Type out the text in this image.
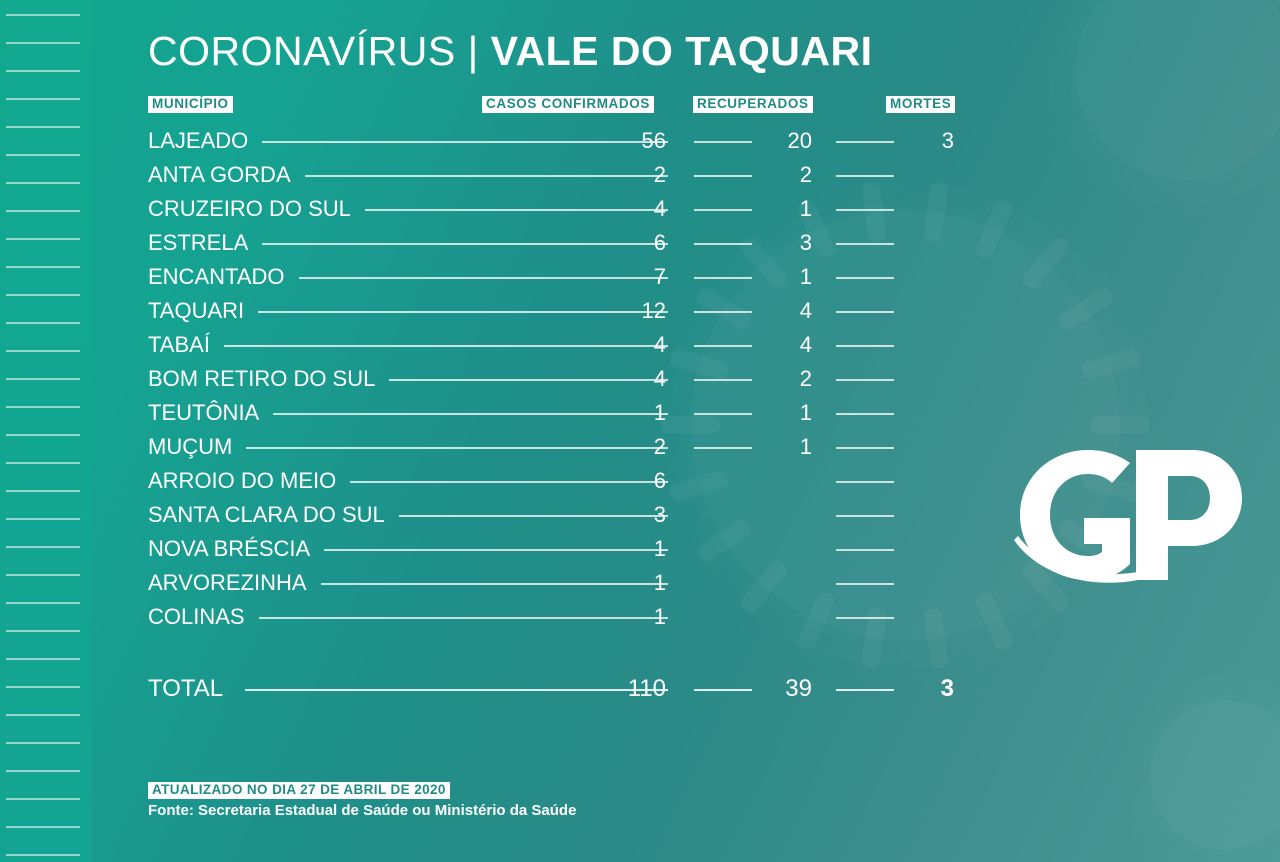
CORONAVÍRUS | VALE DO TAQUARI
MUNICÍPIO	CASOS CONFIRMADOS	RECUPERADOS	MORTES
LAJEADO	56	20	3
ANTA GORDA	2	2
CRUZEIRO DO SUL	4	1
ESTRELA	6	3
ENCANTADO	7	1
TAQUARI	12	4
TABAÍ	4	4
BOM RETIRO DO SUL	4	2
TEUTÔNIA	1	1
MUÇUM	2	1
ARROIO DO MEIO	6
SANTA CLARA DO SUL	3
NOVA BRÉSCIA	1
ARVOREZINHA	1
COLINAS	1
TOTAL	110	39	3
ATUALIZADO NO DIA 27 DE ABRIL DE 2020
Fonte: Secretaria Estadual de Saúde ou Ministério da Saúde
